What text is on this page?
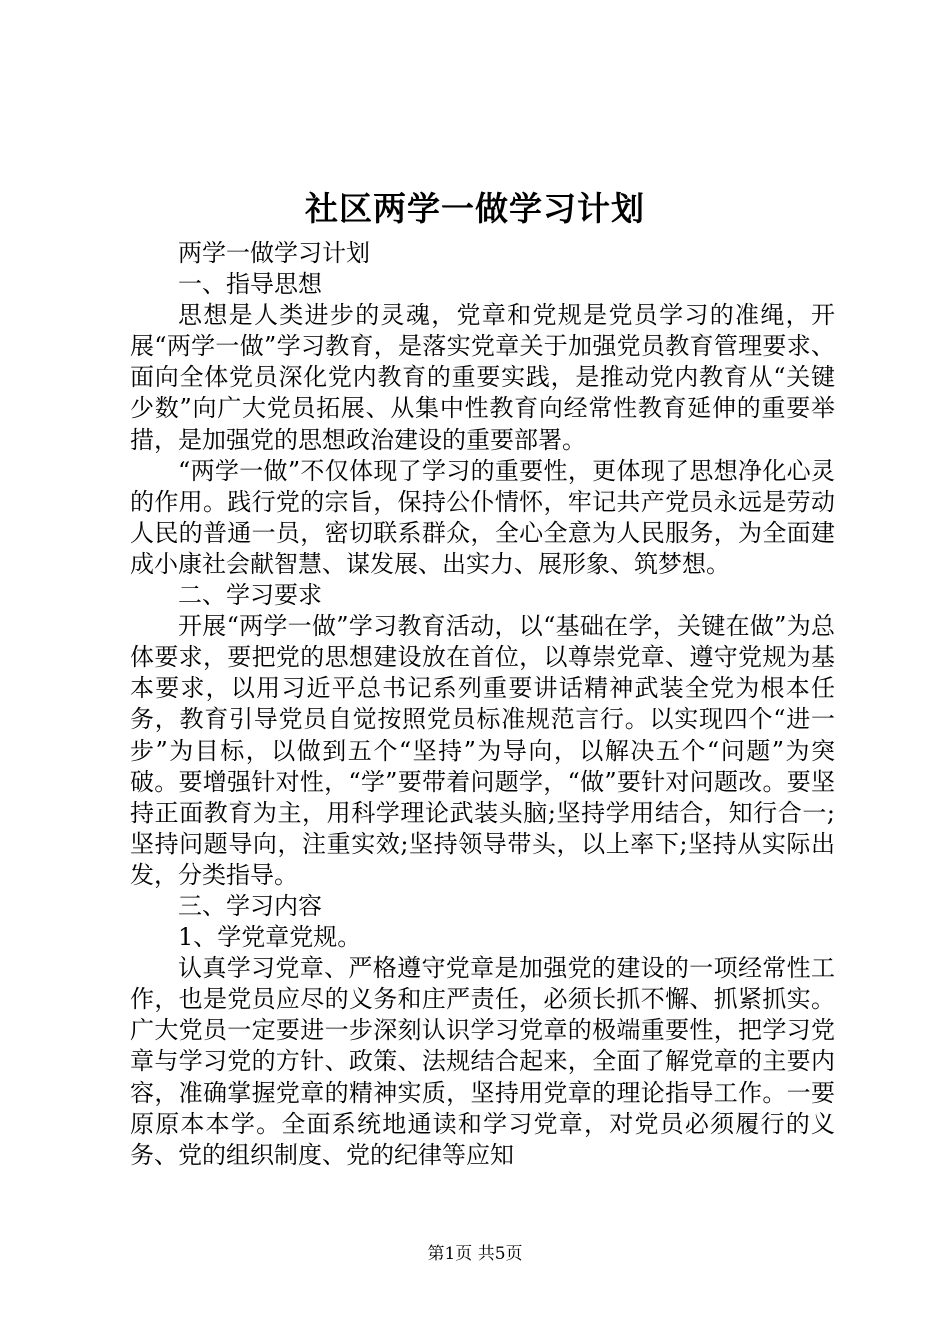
社区两学一做学习计划

两学一做学习计划

一、指导思想

思想是人类进步的灵魂，党章和党规是党员学习的准绳，开展“两学一做”学习教育，是落实党章关于加强党员教育管理要求、面向全体党员深化党内教育的重要实践，是推动党内教育从“关键少数”向广大党员拓展、从集中性教育向经常性教育延伸的重要举措，是加强党的思想政治建设的重要部署。

“两学一做”不仅体现了学习的重要性，更体现了思想净化心灵的作用。践行党的宗旨，保持公仆情怀，牢记共产党员永远是劳动人民的普通一员，密切联系群众，全心全意为人民服务，为全面建成小康社会献智慧、谋发展、出实力、展形象、筑梦想。

二、学习要求

开展“两学一做”学习教育活动，以“基础在学，关键在做”为总体要求，要把党的思想建设放在首位，以尊崇党章、遵守党规为基本要求，以用习近平总书记系列重要讲话精神武装全党为根本任务，教育引导党员自觉按照党员标准规范言行。以实现四个“进一步”为目标，以做到五个“坚持”为导向，以解决五个“问题”为突破。要增强针对性，“学”要带着问题学，“做”要针对问题改。要坚持正面教育为主，用科学理论武装头脑;坚持学用结合，知行合一;坚持问题导向，注重实效;坚持领导带头，以上率下;坚持从实际出发，分类指导。

三、学习内容

1、学党章党规。

认真学习党章、严格遵守党章是加强党的建设的一项经常性工作，也是党员应尽的义务和庄严责任，必须长抓不懈、抓紧抓实。广大党员一定要进一步深刻认识学习党章的极端重要性，把学习党章与学习党的方针、政策、法规结合起来，全面了解党章的主要内容，准确掌握党章的精神实质，坚持用党章的理论指导工作。一要原原本本学。全面系统地通读和学习党章，对党员必须履行的义务、党的组织制度、党的纪律等应知

第1页 共5页
